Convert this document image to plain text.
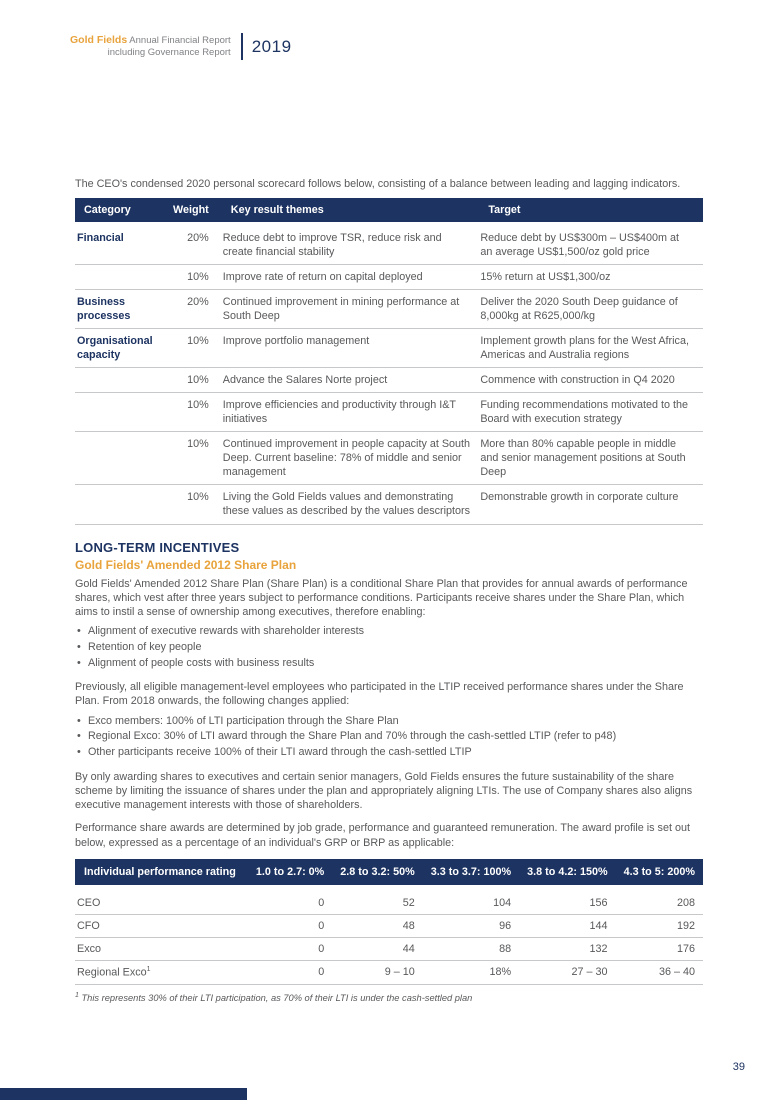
Gold Fields Annual Financial Report
including Governance Report 2019

The CEO's condensed 2020 personal scorecard follows below, consisting of a balance between leading and lagging indicators.

Category	Weight	Key result themes	Target
Financial	20%	Reduce debt to improve TSR, reduce risk and create financial stability	Reduce debt by US$300m – US$400m at an average US$1,500/oz gold price
	10%	Improve rate of return on capital deployed	15% return at US$1,300/oz
Business processes	20%	Continued improvement in mining performance at South Deep	Deliver the 2020 South Deep guidance of 8,000kg at R625,000/kg
Organisational capacity	10%	Improve portfolio management	Implement growth plans for the West Africa, Americas and Australia regions
	10%	Advance the Salares Norte project	Commence with construction in Q4 2020
	10%	Improve efficiencies and productivity through I&T initiatives	Funding recommendations motivated to the Board with execution strategy
	10%	Continued improvement in people capacity at South Deep. Current baseline: 78% of middle and senior management	More than 80% capable people in middle and senior management positions at South Deep
	10%	Living the Gold Fields values and demonstrating these values as described by the values descriptors	Demonstrable growth in corporate culture
LONG-TERM INCENTIVES
Gold Fields' Amended 2012 Share Plan

Gold Fields' Amended 2012 Share Plan (Share Plan) is a conditional Share Plan that provides for annual awards of performance shares, which vest after three years subject to performance conditions. Participants receive shares under the Share Plan, which aims to instil a sense of ownership among executives, therefore enabling:

• Alignment of executive rewards with shareholder interests
• Retention of key people
• Alignment of people costs with business results

Previously, all eligible management-level employees who participated in the LTIP received performance shares under the Share Plan. From 2018 onwards, the following changes applied:

• Exco members: 100% of LTI participation through the Share Plan
• Regional Exco: 30% of LTI award through the Share Plan and 70% through the cash-settled LTIP (refer to p48)
• Other participants receive 100% of their LTI award through the cash-settled LTIP

By only awarding shares to executives and certain senior managers, Gold Fields ensures the future sustainability of the share scheme by limiting the issuance of shares under the plan and appropriately aligning LTIs. The use of Company shares also aligns executive management interests with those of shareholders.

Performance share awards are determined by job grade, performance and guaranteed remuneration. The award profile is set out below, expressed as a percentage of an individual's GRP or BRP as applicable:

Individual performance rating	1.0 to 2.7: 0%	2.8 to 3.2: 50%	3.3 to 3.7: 100%	3.8 to 4.2: 150%	4.3 to 5: 200%
CEO	0	52	104	156	208
CFO	0	48	96	144	192
Exco	0	44	88	132	176
Regional Exco$^1$	0	9 – 10	18%	27 – 30	36 – 40

$^1$ This represents 30% of their LTI participation, as 70% of their LTI is under the cash-settled plan

39
